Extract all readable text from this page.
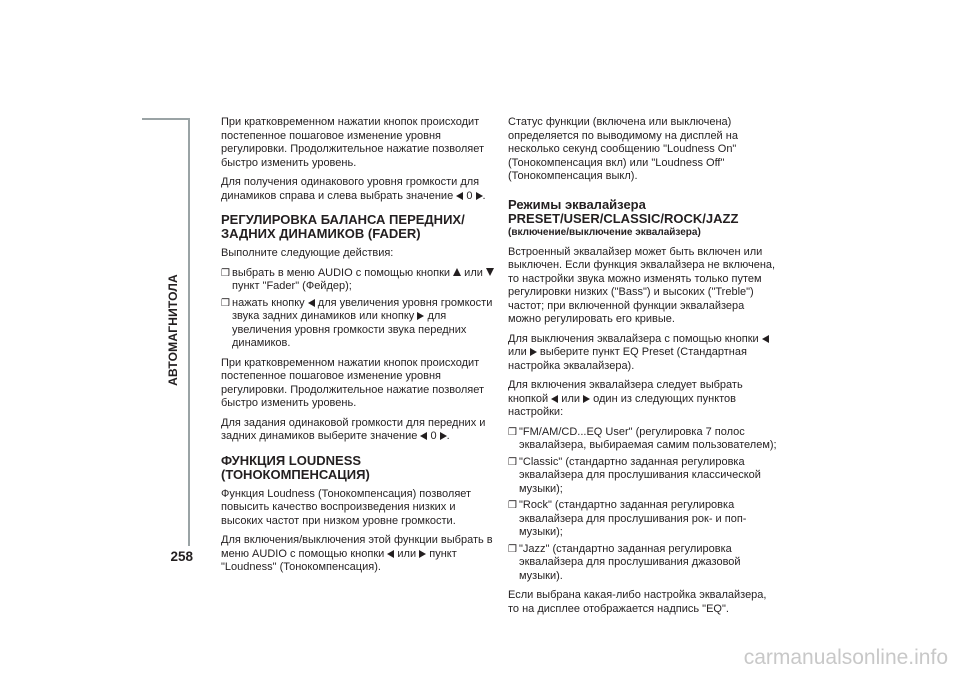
АВТОМАГНИТОЛА
258

При кратковременном нажатии кнопок происходит постепенное пошаговое изменение уровня регулировки. Продолжительное нажатие позволяет быстро изменить уровень.

Для получения одинакового уровня громкости для динамиков справа и слева выбрать значение 0 .

РЕГУЛИРОВКА БАЛАНСА ПЕРЕДНИХ/ЗАДНИХ ДИНАМИКОВ (FADER)

Выполните следующие действия:

❒ выбрать в меню AUDIO с помощью кнопки или  пункт "Fader" (Фейдер);
❒ нажать кнопку для увеличения уровня громкости звука задних динамиков или кнопку для увеличения уровня громкости звука передних динамиков.

При кратковременном нажатии кнопок происходит постепенное пошаговое изменение уровня регулировки. Продолжительное нажатие позволяет быстро изменить уровень.

Для задания одинаковой громкости для передних и задних динамиков выберите значение 0 .

ФУНКЦИЯ LOUDNESS (ТОНОКОМПЕНСАЦИЯ)

Функция Loudness (Тонокомпенсация) позволяет повысить качество воспроизведения низких и высоких частот при низком уровне громкости.

Для включения/выключения этой функции выбрать в меню AUDIO с помощью кнопки или пункт "Loudness" (Тонокомпенсация).

Статус функции (включена или выключена) определяется по выводимому на дисплей на несколько секунд сообщению "Loudness On" (Тонокомпенсация вкл) или "Loudness Off" (Тонокомпенсация выкл).

Режимы эквалайзера PRESET/USER/CLASSIC/ROCK/JAZZ
(включение/выключение эквалайзера)

Встроенный эквалайзер может быть включен или выключен. Если функция эквалайзера не включена, то настройки звука можно изменять только путем регулировки низких ("Bass") и высоких ("Treble") частот; при включенной функции эквалайзера можно регулировать его кривые.

Для выключения эквалайзера с помощью кнопки  или выберите пункт EQ Preset (Стандартная настройка эквалайзера).

Для включения эквалайзера следует выбрать кнопкой или один из следующих пунктов настройки:

❒ "FM/AM/CD...EQ User" (регулировка 7 полос эквалайзера, выбираемая самим пользователем);
❒ "Classic" (стандартно заданная регулировка эквалайзера для прослушивания классической музыки);
❒ "Rock" (стандартно заданная регулировка эквалайзера для прослушивания рок- и поп-музыки);
❒ "Jazz" (стандартно заданная регулировка эквалайзера для прослушивания джазовой музыки).

Если выбрана какая-либо настройка эквалайзера, то на дисплее отображается надпись "EQ".

carmanualsonline.info
